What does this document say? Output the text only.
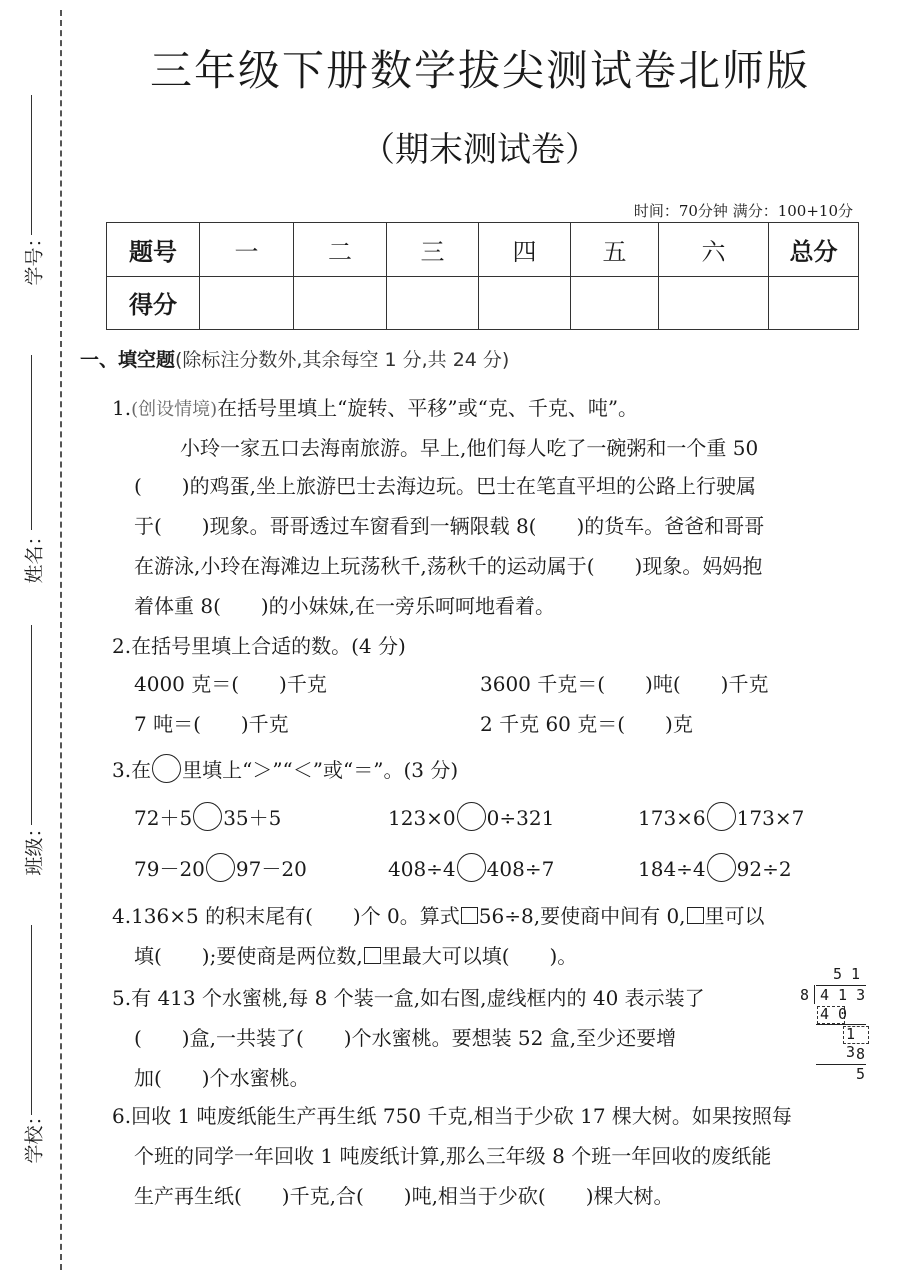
学号：
姓名：
班级：
学校：
三年级下册数学拔尖测试卷北师版
（期末测试卷）
时间：70分钟 满分：100+10分
题号	一	二	三	四	五	六	总分
得分							
一、填空题(除标注分数外,其余每空 1 分,共 24 分)
1.(创设情境)在括号里填上“旋转、平移”或“克、千克、吨”。
小玲一家五口去海南旅游。早上,他们每人吃了一碗粥和一个重 50
(　　)的鸡蛋,坐上旅游巴士去海边玩。巴士在笔直平坦的公路上行驶属
于(　　)现象。哥哥透过车窗看到一辆限载 8(　　)的货车。爸爸和哥哥
在游泳,小玲在海滩边上玩荡秋千,荡秋千的运动属于(　　)现象。妈妈抱
着体重 8(　　)的小妹妹,在一旁乐呵呵地看着。
2.在括号里填上合适的数。(4 分)
4000 克＝(　　)千克	3600 千克＝(　　)吨(　　)千克
7 吨＝(　　)千克	2 千克 60 克＝(　　)克
3.在 里填上“＞”“＜”或“＝”。(3 分)
72＋5 35＋5	123×0 0÷321	173×6 173×7
79－20 97－20	408÷4 408÷7	184÷4 92÷2
4.136×5 的积末尾有(　　)个 0。算式 56÷8,要使商中间有 0, 里可以
填(　　);要使商是两位数, 里最大可以填(　　)。
5.有 413 个水蜜桃,每 8 个装一盒,如右图,虚线框内的 40 表示装了
(　　)盒,一共装了(　　)个水蜜桃。要想装 52 盒,至少还要增
加(　　)个水蜜桃。
5 1
8 4 1 3
4 0
1 3 8
5
6.回收 1 吨废纸能生产再生纸 750 千克,相当于少砍 17 棵大树。如果按照每
个班的同学一年回收 1 吨废纸计算,那么三年级 8 个班一年回收的废纸能
生产再生纸(　　)千克,合(　　)吨,相当于少砍(　　)棵大树。
